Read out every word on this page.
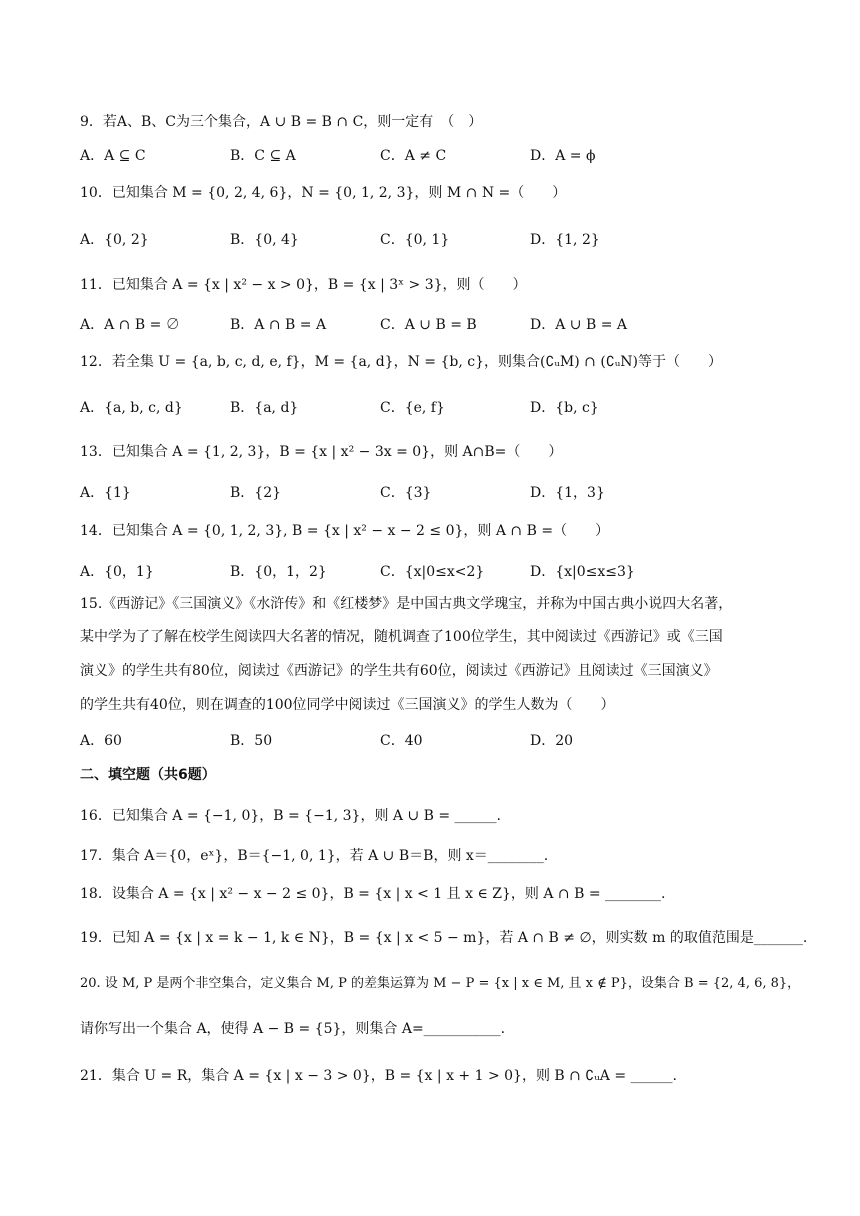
9．若A、B、C为三个集合，A ∪ B = B ∩ C，则一定有　（　）
A．A ⊆ C	B．C ⊆ A	C．A ≠ C	D．A = ϕ
10．已知集合 M = {0, 2, 4, 6}，N = {0, 1, 2, 3}，则 M ∩ N =（　　）
A．{0, 2}	B．{0, 4}	C．{0, 1}	D．{1, 2}
11．已知集合 A = {x | x² − x > 0}，B = {x | 3ˣ > 3}，则（　　）
A．A ∩ B = ∅	B．A ∩ B = A	C．A ∪ B = B	D．A ∪ B = A
12．若全集 U = {a, b, c, d, e, f}，M = {a, d}，N = {b, c}，则集合(∁ᵤM) ∩ (∁ᵤN)等于（　　）
A．{a, b, c, d}	B．{a, d}	C．{e, f}	D．{b, c}
13．已知集合 A = {1, 2, 3}，B = {x | x² − 3x = 0}，则 A∩B=（　　）
A．{1}	B．{2}	C．{3}	D．{1，3}
14．已知集合 A = {0, 1, 2, 3}, B = {x | x² − x − 2 ≤ 0}，则 A ∩ B =（　　）
A．{0，1}	B．{0，1，2}	C．{x|0≤x<2}	D．{x|0≤x≤3}
15.《西游记》《三国演义》《水浒传》和《红楼梦》是中国古典文学瑰宝，并称为中国古典小说四大名著，
某中学为了了解在校学生阅读四大名著的情况，随机调查了100位学生，其中阅读过《西游记》或《三国
演义》的学生共有80位，阅读过《西游记》的学生共有60位，阅读过《西游记》且阅读过《三国演义》
的学生共有40位，则在调查的100位同学中阅读过《三国演义》的学生人数为（　　）
A．60	B．50	C．40	D．20
二、填空题（共6题）
16．已知集合 A = {−1, 0}，B = {−1, 3}，则 A ∪ B = ______.
17．集合 A＝{0，eˣ}，B＝{−1, 0, 1}，若 A ∪ B＝B，则 x＝________.
18．设集合 A = {x | x² − x − 2 ≤ 0}，B = {x | x < 1 且 x ∈ Z}，则 A ∩ B = ________.
19．已知 A = {x | x = k − 1, k ∈ N}，B = {x | x < 5 − m}，若 A ∩ B ≠ ∅，则实数 m 的取值范围是_______.
20. 设 M, P 是两个非空集合，定义集合 M, P 的差集运算为 M − P = {x | x ∈ M, 且 x ∉ P}，设集合 B = {2, 4, 6, 8}，
请你写出一个集合 A，使得 A − B = {5}，则集合 A=___________.
21．集合 U = R，集合 A = {x | x − 3 > 0}，B = {x | x + 1 > 0}，则 B ∩ ∁ᵤA = ______.
